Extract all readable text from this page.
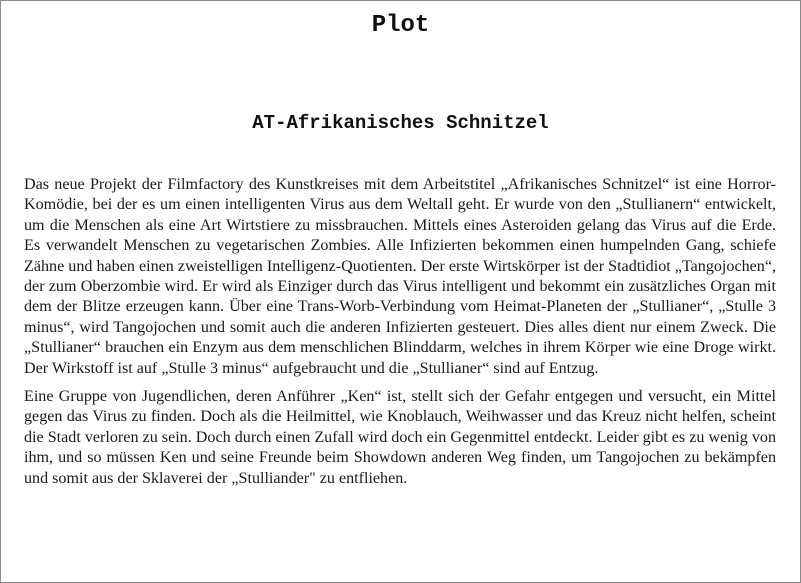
Plot
AT-Afrikanisches Schnitzel

Das neue Projekt der Filmfactory des Kunstkreises mit dem Arbeitstitel „Afrikanisches Schnitzel“ ist eine Horror-Komödie, bei der es um einen intelligenten Virus aus dem Weltall geht. Er wurde von den „Stullianern“ entwickelt, um die Menschen als eine Art Wirtstiere zu missbrauchen. Mittels eines Asteroiden gelang das Virus auf die Erde. Es verwandelt Menschen zu vegetarischen Zombies. Alle Infizierten bekommen einen humpelnden Gang, schiefe Zähne und haben einen zweistelligen Intelligenz-Quotienten. Der erste Wirtskörper ist der Stadtidiot „Tangojochen“, der zum Oberzombie wird. Er wird als Einziger durch das Virus intelligent und bekommt ein zusätzliches Organ mit dem der Blitze erzeugen kann. Über eine Trans-Worb-Verbindung vom Heimat-Planeten der „Stullianer“, „Stulle 3 minus“, wird Tangojochen und somit auch die anderen Infizierten gesteuert. Dies alles dient nur einem Zweck. Die „Stullianer“ brauchen ein Enzym aus dem menschlichen Blinddarm, welches in ihrem Körper wie eine Droge wirkt. Der Wirkstoff ist auf „Stulle 3 minus“ aufgebraucht und die „Stullianer“ sind auf Entzug.

Eine Gruppe von Jugendlichen, deren Anführer „Ken“ ist, stellt sich der Gefahr entgegen und versucht, ein Mittel gegen das Virus zu finden. Doch als die Heilmittel, wie Knoblauch, Weihwasser und das Kreuz nicht helfen, scheint die Stadt verloren zu sein. Doch durch einen Zufall wird doch ein Gegenmittel entdeckt. Leider gibt es zu wenig von ihm, und so müssen Ken und seine Freunde beim Showdown anderen Weg finden, um Tangojochen zu bekämpfen und somit aus der Sklaverei der „Stulliander" zu entfliehen.
